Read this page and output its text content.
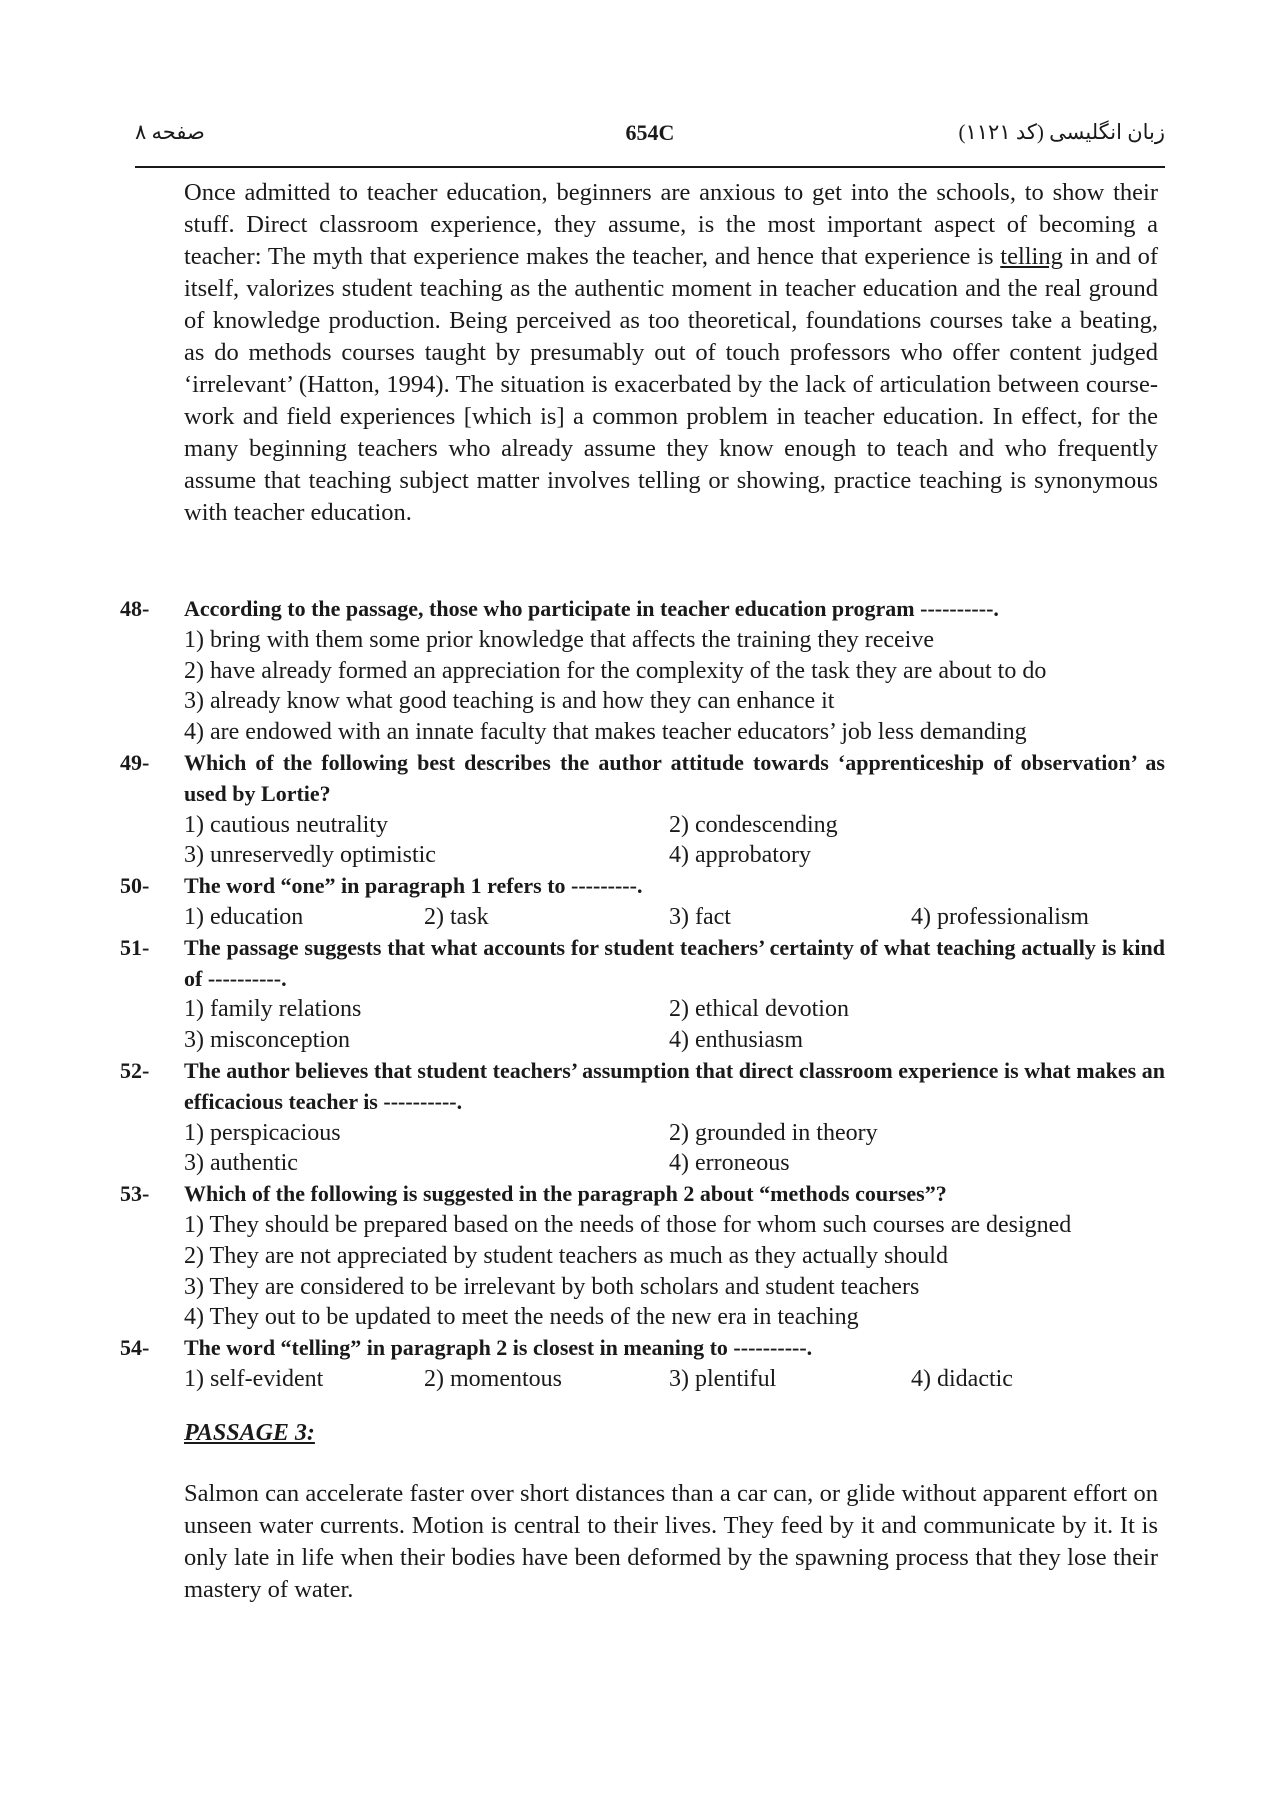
صفحه ۸	654C	زبان انگلیسی (کد ۱۱۲۱)
Once admitted to teacher education, beginners are anxious to get into the schools, to show their stuff. Direct classroom experience, they assume, is the most important aspect of becoming a teacher: The myth that experience makes the teacher, and hence that experience is telling in and of itself, valorizes student teaching as the authentic moment in teacher education and the real ground of knowledge production. Being perceived as too theoretical, foundations courses take a beating, as do methods courses taught by presumably out of touch professors who offer content judged ‘irrelevant’ (Hatton, 1994). The situation is exacerbated by the lack of articulation between course-work and field experiences [which is] a common problem in teacher education. In effect, for the many beginning teachers who already assume they know enough to teach and who frequently assume that teaching subject matter involves telling or showing, practice teaching is synonymous with teacher education.
48- According to the passage, those who participate in teacher education program ----------.
1) bring with them some prior knowledge that affects the training they receive
2) have already formed an appreciation for the complexity of the task they are about to do
3) already know what good teaching is and how they can enhance it
4) are endowed with an innate faculty that makes teacher educators’ job less demanding
49- Which of the following best describes the author attitude towards ‘apprenticeship of observation’ as used by Lortie?
1) cautious neutrality	2) condescending
3) unreservedly optimistic	4) approbatory
50- The word “one” in paragraph 1 refers to ---------.
1) education	2) task	3) fact	4) professionalism
51- The passage suggests that what accounts for student teachers’ certainty of what teaching actually is kind of ----------.
1) family relations	2) ethical devotion
3) misconception	4) enthusiasm
52- The author believes that student teachers’ assumption that direct classroom experience is what makes an efficacious teacher is ----------.
1) perspicacious	2) grounded in theory
3) authentic	4) erroneous
53- Which of the following is suggested in the paragraph 2 about “methods courses”?
1) They should be prepared based on the needs of those for whom such courses are designed
2) They are not appreciated by student teachers as much as they actually should
3) They are considered to be irrelevant by both scholars and student teachers
4) They out to be updated to meet the needs of the new era in teaching
54- The word “telling” in paragraph 2 is closest in meaning to ----------.
1) self-evident	2) momentous	3) plentiful	4) didactic
PASSAGE 3:
Salmon can accelerate faster over short distances than a car can, or glide without apparent effort on unseen water currents. Motion is central to their lives. They feed by it and communicate by it. It is only late in life when their bodies have been deformed by the spawning process that they lose their mastery of water.
